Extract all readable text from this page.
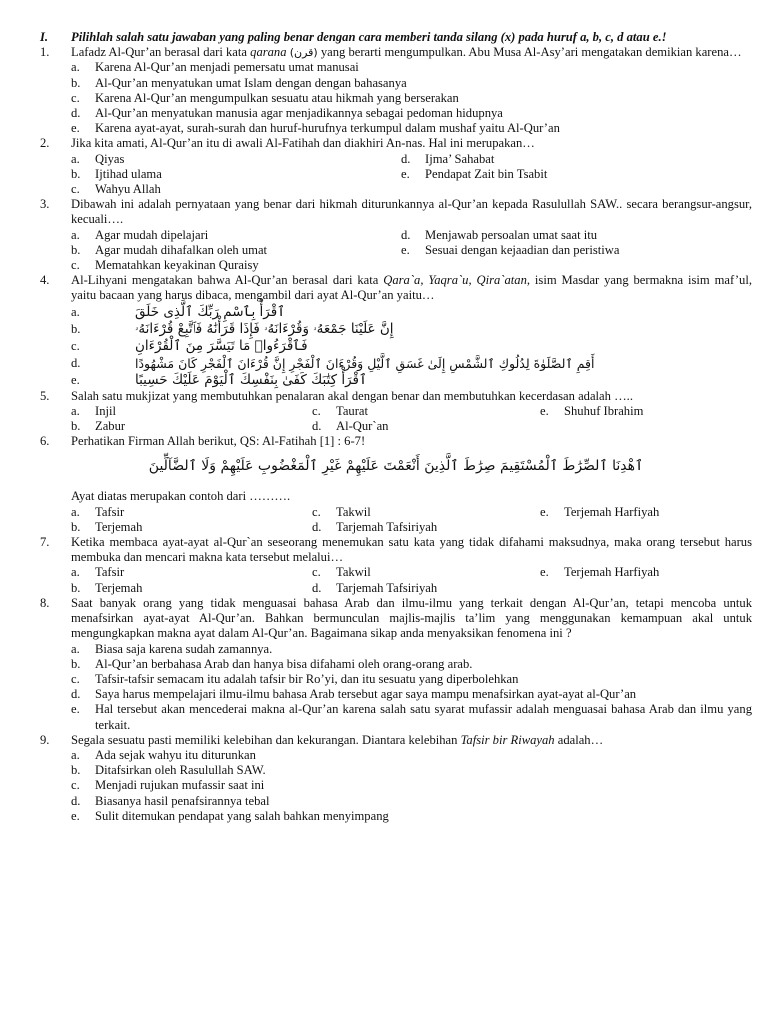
I.	Pilihlah salah satu jawaban yang paling benar dengan cara memberi tanda silang (x) pada huruf a, b, c, d atau e.!
1.	Lafadz Al-Qur’an berasal dari kata qarana (قرن) yang berarti mengumpulkan. Abu Musa Al-Asy’ari mengatakan demikian karena…
a.	Karena Al-Qur’an menjadi pemersatu umat manusai
b.	Al-Qur’an menyatukan umat Islam dengan dengan bahasanya
c.	Karena Al-Qur’an mengumpulkan sesuatu atau hikmah yang berserakan
d.	Al-Qur’an menyatukan manusia agar menjadikannya sebagai pedoman hidupnya
e.	Karena ayat-ayat, surah-surah dan huruf-hurufnya terkumpul dalam mushaf yaitu Al-Qur’an
2.	Jika kita amati, Al-Qur’an itu di awali Al-Fatihah dan diakhiri An-nas. Hal ini merupakan…
a.	Qiyas	d.	Ijma’ Sahabat
b.	Ijtihad ulama	e.	Pendapat Zait bin Tsabit
c.	Wahyu Allah
3.	Dibawah ini adalah pernyataan yang benar dari hikmah diturunkannya al-Qur’an kepada Rasulullah SAW.. secara berangsur-angsur, kecuali….
a.	Agar mudah dipelajari	d.	Menjawab persoalan umat saat itu
b.	Agar mudah dihafalkan oleh umat	e.	Sesuai dengan kejaadian dan peristiwa
c.	Mematahkan keyakinan Quraisy
4.	Al-Lihyani mengatakan bahwa Al-Qur’an berasal dari kata Qara`a, Yaqra`u, Qira`atan, isim Masdar yang bermakna isim maf’ul, yaitu bacaan yang harus dibaca, mengambil dari ayat Al-Qur’an yaitu…
a.	ٱقْرَأْ بِٱسْمِ رَبِّكَ ٱلَّذِى خَلَقَ
b.	إِنَّ عَلَيْنَا جَمْعَهُۥ وَقُرْءَانَهُۥ فَإِذَا قَرَأْنَٰهُ فَٱتَّبِعْ قُرْءَانَهُۥ
c.	فَٱقْرَءُوا۟ مَا تَيَسَّرَ مِنَ ٱلْقُرْءَانِ
d.	أَقِمِ ٱلصَّلَوٰةَ لِدُلُوكِ ٱلشَّمْسِ إِلَىٰ غَسَقِ ٱلَّيْلِ وَقُرْءَانَ ٱلْفَجْرِ إِنَّ قُرْءَانَ ٱلْفَجْرِ كَانَ مَشْهُودًا
e.	ٱقْرَأْ كِتَٰبَكَ كَفَىٰ بِنَفْسِكَ ٱلْيَوْمَ عَلَيْكَ حَسِيبًا
5.	Salah satu mukjizat yang membutuhkan penalaran akal dengan benar dan membutuhkan kecerdasan adalah …..
a.	Injil	c.	Taurat	e.	Shuhuf Ibrahim
b.	Zabur	d.	Al-Qur`an
6.	Perhatikan Firman Allah berikut, QS: Al-Fatihah [1] : 6-7!
ٱهْدِنَا ٱلصِّرَٰطَ ٱلْمُسْتَقِيمَ صِرَٰطَ ٱلَّذِينَ أَنْعَمْتَ عَلَيْهِمْ غَيْرِ ٱلْمَغْضُوبِ عَلَيْهِمْ وَلَا ٱلضَّآلِّينَ
Ayat diatas merupakan contoh dari ……….
a.	Tafsir	c.	Takwil	e.	Terjemah Harfiyah
b.	Terjemah	d.	Tarjemah Tafsiriyah
7.	Ketika membaca ayat-ayat al-Qur`an seseorang menemukan satu kata yang tidak difahami maksudnya, maka orang tersebut harus membuka dan mencari makna kata tersebut melalui…
a.	Tafsir	c.	Takwil	e.	Terjemah Harfiyah
b.	Terjemah	d.	Tarjemah Tafsiriyah
8.	Saat banyak orang yang tidak menguasai bahasa Arab dan ilmu-ilmu yang terkait dengan Al-Qur’an, tetapi mencoba untuk menafsirkan ayat-ayat Al-Qur’an. Bahkan bermunculan majlis-majlis ta’lim yang menggunakan kemampuan akal untuk mengungkapkan makna ayat dalam Al-Qur’an. Bagaimana sikap anda menyaksikan fenomena ini ?
a.	Biasa saja karena sudah zamannya.
b.	Al-Qur’an berbahasa Arab dan hanya bisa difahami oleh orang-orang arab.
c.	Tafsir-tafsir semacam itu adalah tafsir bir Ro’yi, dan itu sesuatu yang diperbolehkan
d.	Saya harus mempelajari ilmu-ilmu bahasa Arab tersebut agar saya mampu menafsirkan ayat-ayat al-Qur’an
e.	Hal tersebut akan mencederai makna al-Qur’an karena salah satu syarat mufassir adalah menguasai bahasa Arab dan ilmu yang terkait.
9.	Segala sesuatu pasti memiliki kelebihan dan kekurangan. Diantara kelebihan Tafsir bir Riwayah adalah…
a.	Ada sejak wahyu itu diturunkan
b.	Ditafsirkan oleh Rasulullah SAW.
c.	Menjadi rujukan mufassir saat ini
d.	Biasanya hasil penafsirannya tebal
e.	Sulit ditemukan pendapat yang salah bahkan menyimpang
